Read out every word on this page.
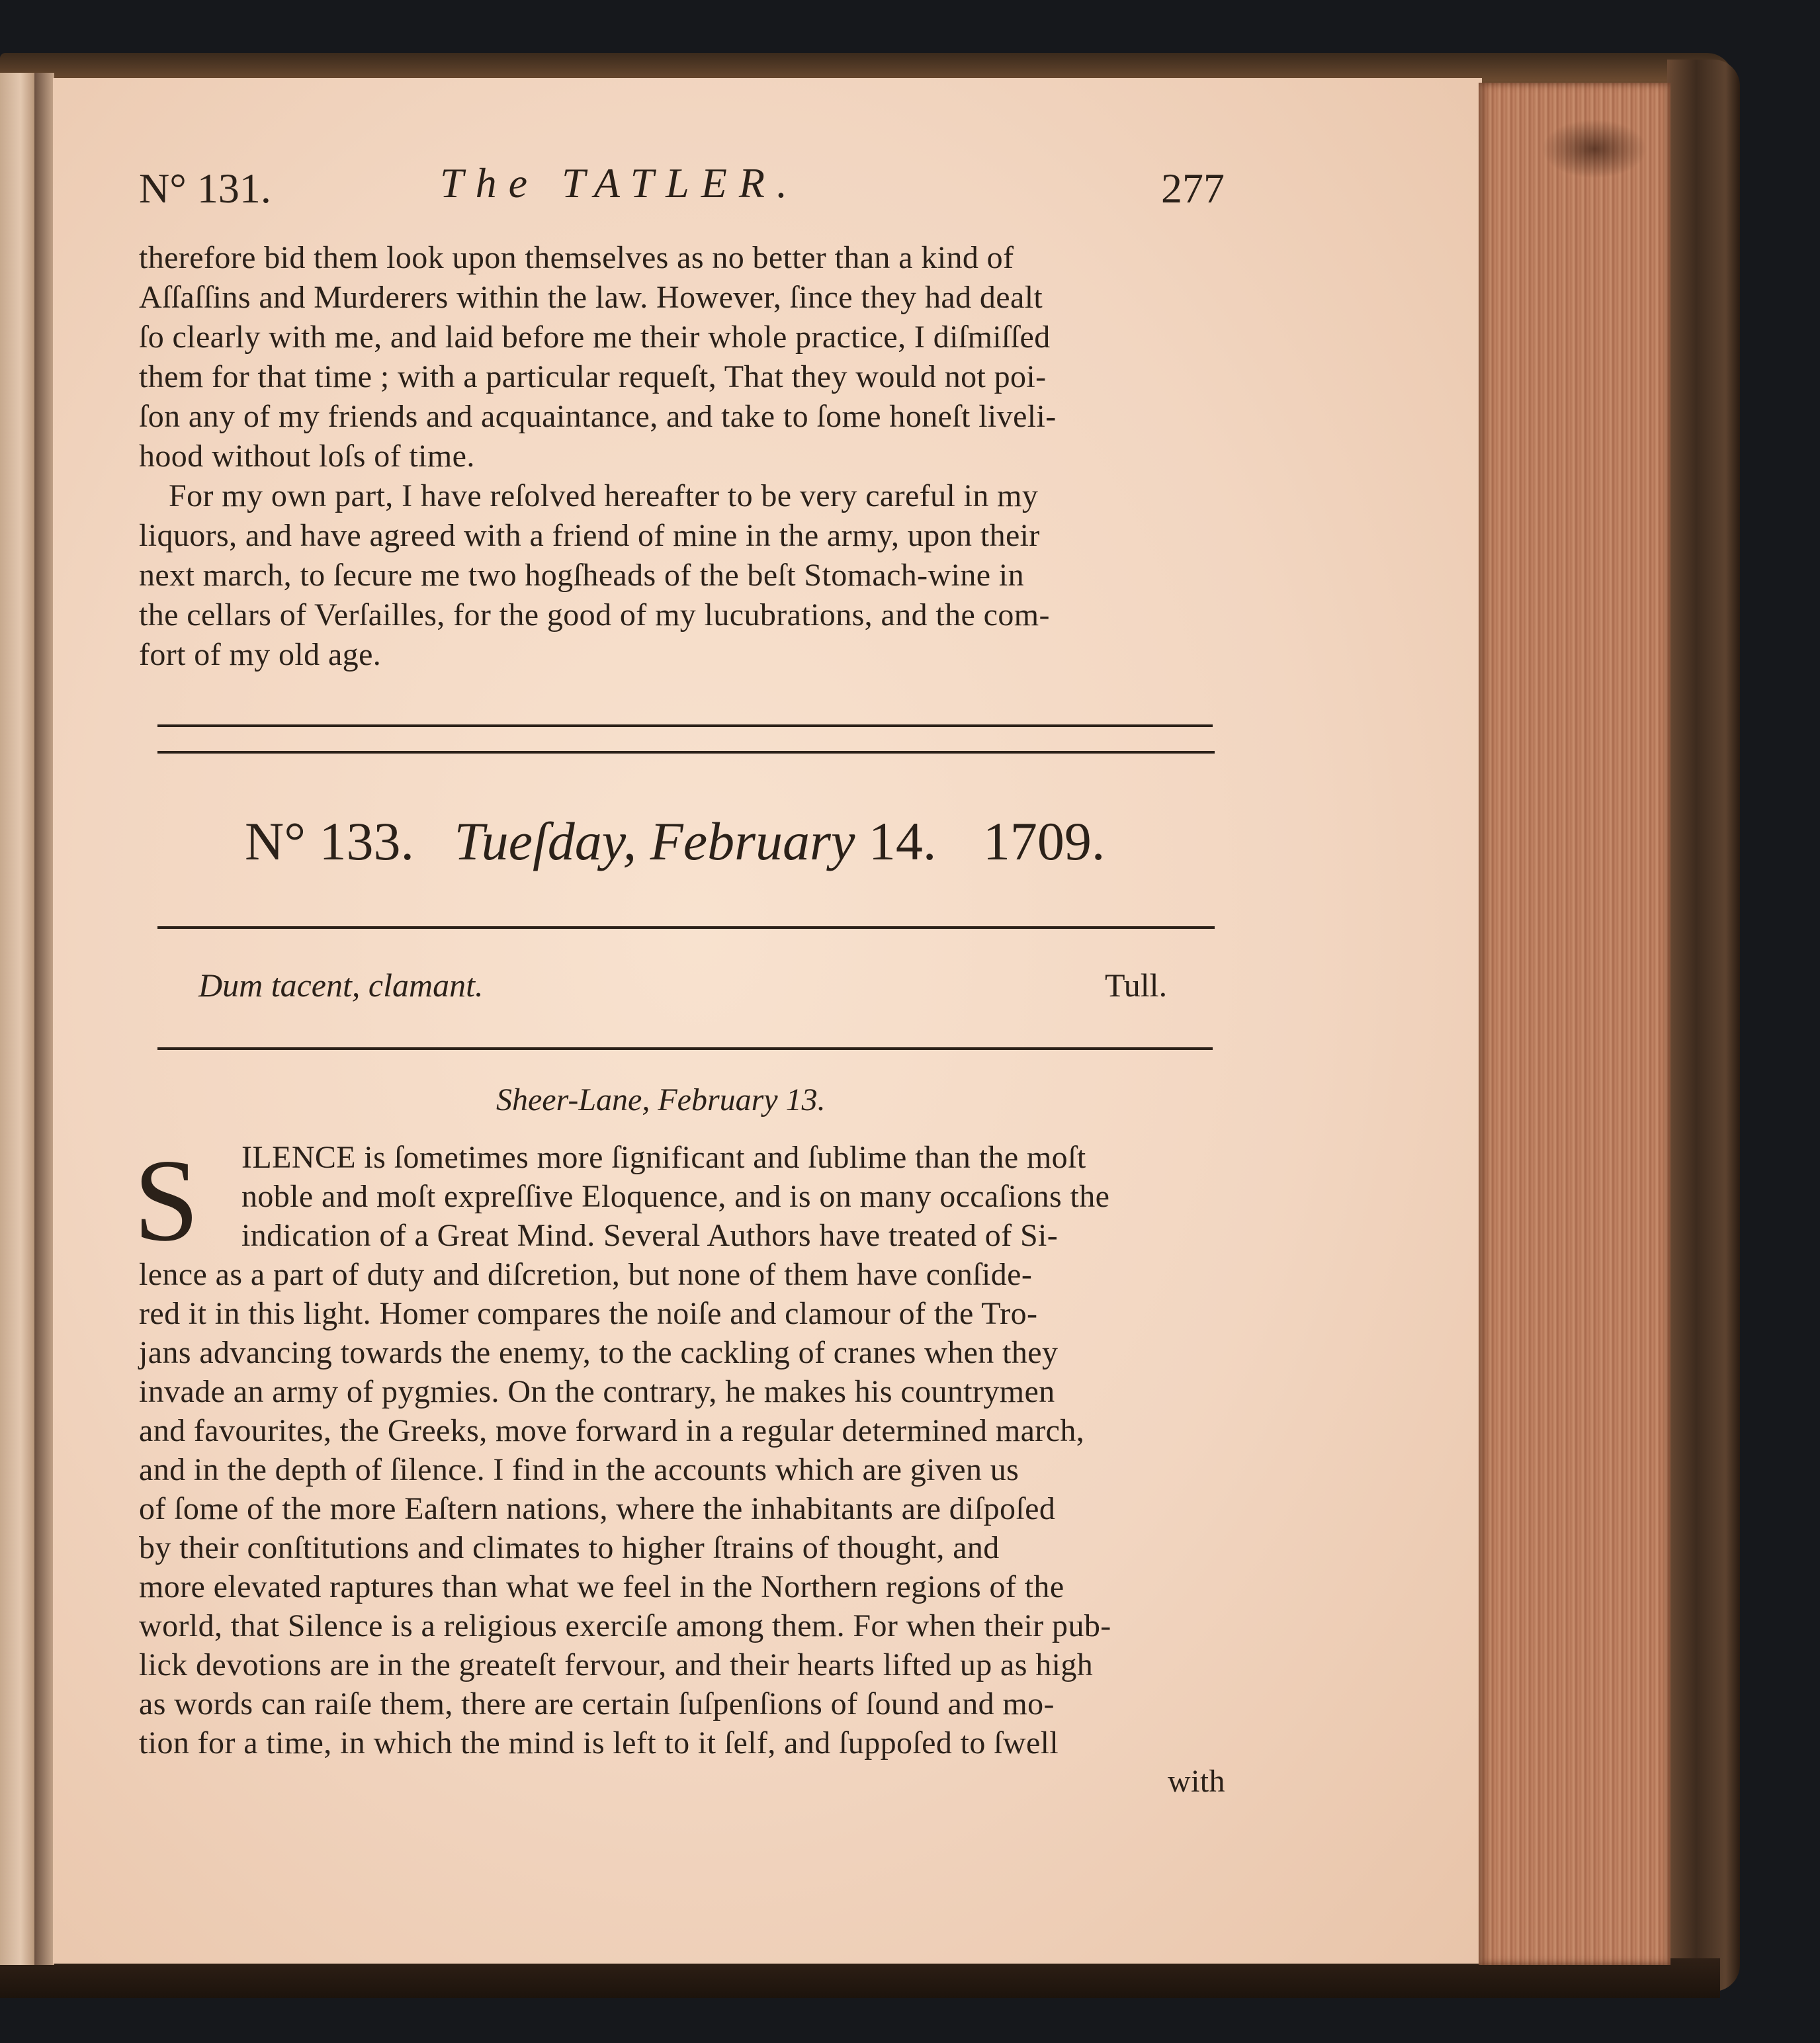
N° 131.	The TATLER.	277
therefore bid them look upon themselves as no better than a kind of
Aſſaſſins and Murderers within the law. However, ſince they had dealt
ſo clearly with me, and laid before me their whole practice, I diſmiſſed
them for that time ; with a particular requeſt, That they would not poi-
ſon any of my friends and acquaintance, and take to ſome honeſt liveli-
hood without loſs of time.
For my own part, I have reſolved hereafter to be very careful in my
liquors, and have agreed with a friend of mine in the army, upon their
next march, to ſecure me two hogſheads of the beſt Stomach-wine in
the cellars of Verſailles, for the good of my lucubrations, and the com-
fort of my old age.
N° 133. Tueſday, February 14. 1709.
Dum tacent, clamant.	Tull.
Sheer-Lane, February 13.
S ILENCE is ſometimes more ſignificant and ſublime than the moſt
noble and moſt expreſſive Eloquence, and is on many occaſions the
indication of a Great Mind. Several Authors have treated of Si-
lence as a part of duty and diſcretion, but none of them have conſide-
red it in this light. Homer compares the noiſe and clamour of the Tro-
jans advancing towards the enemy, to the cackling of cranes when they
invade an army of pygmies. On the contrary, he makes his countrymen
and favourites, the Greeks, move forward in a regular determined march,
and in the depth of ſilence. I find in the accounts which are given us
of ſome of the more Eaſtern nations, where the inhabitants are diſpoſed
by their conſtitutions and climates to higher ſtrains of thought, and
more elevated raptures than what we feel in the Northern regions of the
world, that Silence is a religious exerciſe among them. For when their pub-
lick devotions are in the greateſt fervour, and their hearts lifted up as high
as words can raiſe them, there are certain ſuſpenſions of ſound and mo-
tion for a time, in which the mind is left to it ſelf, and ſuppoſed to ſwell
with
